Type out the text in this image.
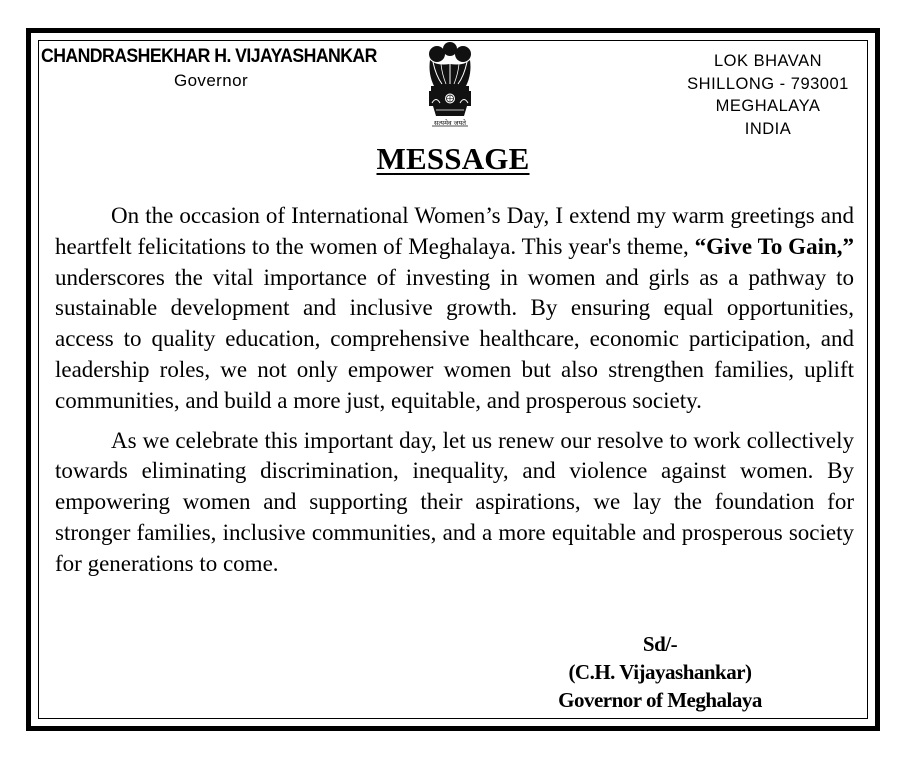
CHANDRASHEKHAR H. VIJAYASHANKAR
Governor
सत्यमेव जयते
LOK BHAVAN
SHILLONG - 793001
MEGHALAYA
INDIA
MESSAGE

On the occasion of International Women’s Day, I extend my warm greetings and heartfelt felicitations to the women of Meghalaya. This year's theme, “Give To Gain,” underscores the vital importance of investing in women and girls as a pathway to sustainable development and inclusive growth. By ensuring equal opportunities, access to quality education, comprehensive healthcare, economic participation, and leadership roles, we not only empower women but also strengthen families, uplift communities, and build a more just, equitable, and prosperous society.

As we celebrate this important day, let us renew our resolve to work collectively towards eliminating discrimination, inequality, and violence against women. By empowering women and supporting their aspirations, we lay the foundation for stronger families, inclusive communities, and a more equitable and prosperous society for generations to come.

Sd/-
(C.H. Vijayashankar)
Governor of Meghalaya
